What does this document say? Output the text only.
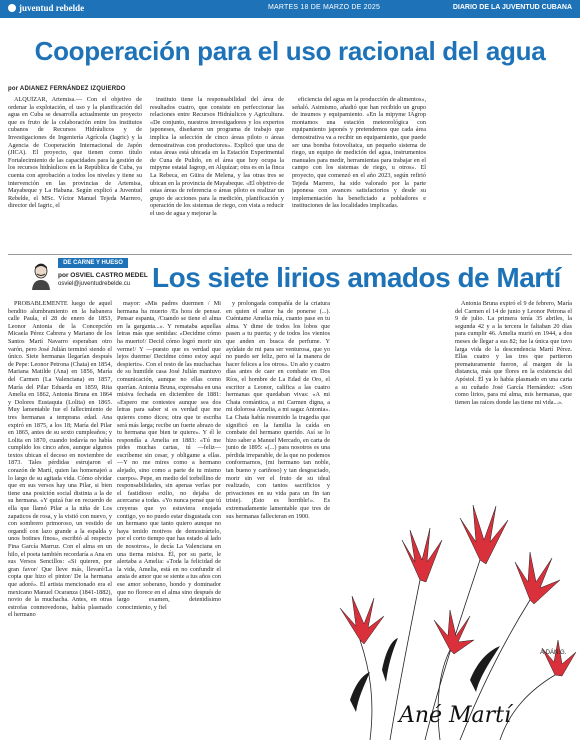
juventud rebelde	MARTES 18 DE MARZO DE 2025	DIARIO DE LA JUVENTUD CUBANA
Cooperación para el uso racional del agua
por ADIANEZ FERNÁNDEZ IZQUIERDO

ALQUÍZAR, Artemisa.— Con el objetivo de ordenar la explotación, el uso y la planificación del agua en Cuba se desarrolla actualmente un proyecto que es fruto de la colaboración entre los institutos cubanos de Recursos Hidráulicos y de Investigaciones de Ingeniería Agrícola (Iagric) y la Agencia de Cooperación Internacional de Japón (JICA). El proyecto, que tienen como título Fortalecimiento de las capacidades para la gestión de los recursos hidráulicos en la República de Cuba, ya cuenta con aprobación a todos los niveles y tiene su intervención en las provincias de Artemisa, Mayabeque y La Habana. Según explicó a Juventud Rebelde, el MSc. Víctor Manuel Tejeda Marrero, director del Iagric, el

instituto tiene la responsabilidad del área de resultados cuatro, que consiste en perfeccionar las relaciones entre Recursos Hidráulicos y Agricultura. «De conjunto, nuestros investigadores y los expertos japoneses, diseñaron un programa de trabajo que implica la selección de cinco áreas piloto o áreas demostrativas con productores». Explicó que una de estas áreas está ubicada en la Estación Experimental de Cuna de Pulido, en el área que hoy ocupa la mipyme estatal Iagrop, en Alquízar; otra es en la finca La Rebeca, en Güira de Melena, y las otras tres se ubican en la provincia de Mayabeque. «El objetivo de estas áreas de referencia o áreas piloto es realizar un grupo de acciones para la medición, planificación y operación de los sistemas de riego, con vista a reducir el uso de agua y mejorar la

eficiencia del agua en la producción de alimentos», señaló. Asimismo, añadió que han recibido un grupo de insumos y equipamiento. «En la mipyme IAgrop montamos una estación meteorológica con equipamiento japonés y pretendemos que cada área demostrativa va a recibir un equipamiento, que puede ser una bomba fotovoltaica, un pequeño sistema de riego, un equipo de medición del agua, instrumentos manuales para medir, herramientas para trabajar en el campo con los sistemas de riego, u otros». El proyecto, que comenzó en el año 2023, según refirió Tejeda Marrero, ha sido valorado por la parte japonesa con avances satisfactorios y desde su implementación ha beneficiado a pobladores e instituciones de las localidades implicadas.

DE CARNE Y HUESO
por OSVIEL CASTRO MEDEL
osviel@juventudrebelde.cu Los siete lirios amados de Martí

PROBABLEMENTE luego de aquel bendito alumbramiento en la habanera calle Paula, el 28 de enero de 1853, Leonor Antonia de la Concepción Micaela Pérez Cabrera y Mariano de los Santos Martí Navarro esperaban otro varón, pero José Julián terminó siendo el único. Siete hermanas llegarían después de Pepe: Leonor Petrona (Chata) en 1854, Mariana Matilde (Ana) en 1856, María del Carmen (La Valenciana) en 1857, María del Pilar Eduarda en 1859, Rita Amelia en 1862, Antonia Bruna en 1864 y Dolores Eustaquia (Lolita) en 1865. Muy lamentable fue el fallecimiento de tres hermanas a temprana edad. Ana expiró en 1875, a los 18; María del Pilar en 1865, antes de su sexto cumpleaños; y Lolita en 1870, cuando todavía no había cumplido los cinco años, aunque algunos textos ubican el deceso en noviembre de 1873. Tales pérdidas estrujaron el corazón de Martí, quien las homenajeó a lo largo de su agitada vida. Cómo olvidar que en sus versos hay una Pilar, si bien tiene una posición social distinta a la de su hermana. «Y quizá fue en recuerdo de ella que llamó Pilar a la niña de Los zapaticos de rosa, y la vistió con nuevo, y con sombrero primoroso, un vestido de organdí con lazo grande a la espalda y unos botines finos», escribió al respecto Fina García Marruz. Con el alma en un hilo, el poeta también recordaría a Ana en sus Versos Sencillos: «Si quieren, por gran favor/ Que lleve más, llevaré/La copia que hizo el pintor/ De la hermana que adoré». El artista mencionado era el mexicano Manuel Ocaranza (1841-1882), novio de la muchacha. Antes, en otras estrofas conmovedoras, había plasmado el hermano

mayor: «Mis padres duermen / Mi hermana ha muerto /Es hora de pensar. Pensar espanta, /Cuando se tiene el alma en la garganta...». Y remataba aquellas letras más que sentidas: «Decidme cómo ha muerto!/ Decid cómo logró morir sin verme!/ Y —puesto que es verdad que lejos duerme/ Decidme cómo estoy aquí despierto». Con el resto de las muchachas de su humilde casa José Julián mantuvo comunicación, aunque no ellas como querían. Antonia Bruna, expresaba en una misiva fechada en diciembre de 1881: «Espero me contestes aunque sea dos letras para saber si es verdad que me quieres como dices; otra que te escriba será más larga; recibe un fuerte abrazo de tu hermana que bien te quiere». Y él le respondía a Amelia en 1883: «Tú me pides muchas cartas, tú —feliz— escríbeme sin cesar, y obligame a ellas. —Y no me mires como a hermano alejado, sino como a parte de tu mismo cuerpo». Pepe, en medio del torbellino de responsabilidades, sin apenas verlas por el fastidioso exilio, no dejaba de acercarse a todas. «Yo nunca pensé que tú creyeras que yo estuviera enojada contigo, yo no puedo estar disgustada con un hermano que tanto quiero aunque no haya tenido motivos de demostrártelo, por el corto tiempo que has estado al lado de nosotros», le decía La Valenciana en una tierna misiva. Él, por su parte, le alertaba a Amelia: «Toda la felicidad de la vida, Amelia, está en no confundir el ansia de amor que se siente a tus años con ese amor soberano, hondo y dominador que no florece en el alma sino después de largo examen, detenidísimo conocimiento, y fiel

y prolongada compañía de la criatura en quien el amor ha de ponerse (...). Cuéntame Amelia mía, cuanto pase en tu alma. Y dime de todos los lobos que pasen a tu puerta; y de todos los vientos que anden en busca de perfume. Y ayúdate de mi para ser venturosa, que yo no puedo ser feliz, pero sé la manera de hacer felices a los otros». Un año y cuatro días antes de caer en combate en Dos Ríos, el hombre de La Edad de Oro, el escritor a Leonor, califica a las cuatro hermanas que quedaban vivas: «A mi Chata romántica, a mi Carmen digna, a mi dolorosa Amelia, a mi sagaz Antonia». La Chata había resumido la tragedia que significó en la familia la caída en combate del hermano querido. Así se lo hizo saber a Manuel Mercado, en carta de junio de 1895: «(...) para nosotros es una pérdida irreparable, de la que no podemos conformarnos, (mi hermano tan noble, tan bueno y cariñoso) y tan desgraciado, morir sin ver el fruto de su ideal realizado, con tantos sacrificios y privaciones en su vida para un fin tan triste). ¡Esto es horrible!». Es extremadamente lamentable que tres de sus hermanas fallecieran en 1900.

Antonia Bruna expiró el 9 de febrero, María del Carmen el 14 de junio y Leonor Petrona el 9 de julio. La primera tenía 35 abriles, la segunda 42 y a la tercera le faltaban 20 días para cumplir 46. Amelia murió en 1944, a dos meses de llegar a sus 82; fue la única que tuvo larga vida de la descendencia Martí Pérez. Ellas cuatro y las tres que partieron prematuramente fueron, al margen de la distancia, más que flores en la existencia del Apóstol. Él ya lo había plasmado en una carta a su cuñado José García Hernández: «Son como lirios, para mí alma, mis hermanas, que tienen las raíces donde las tiene mi vida...».

Ané Martí
A.DÁN.G.
